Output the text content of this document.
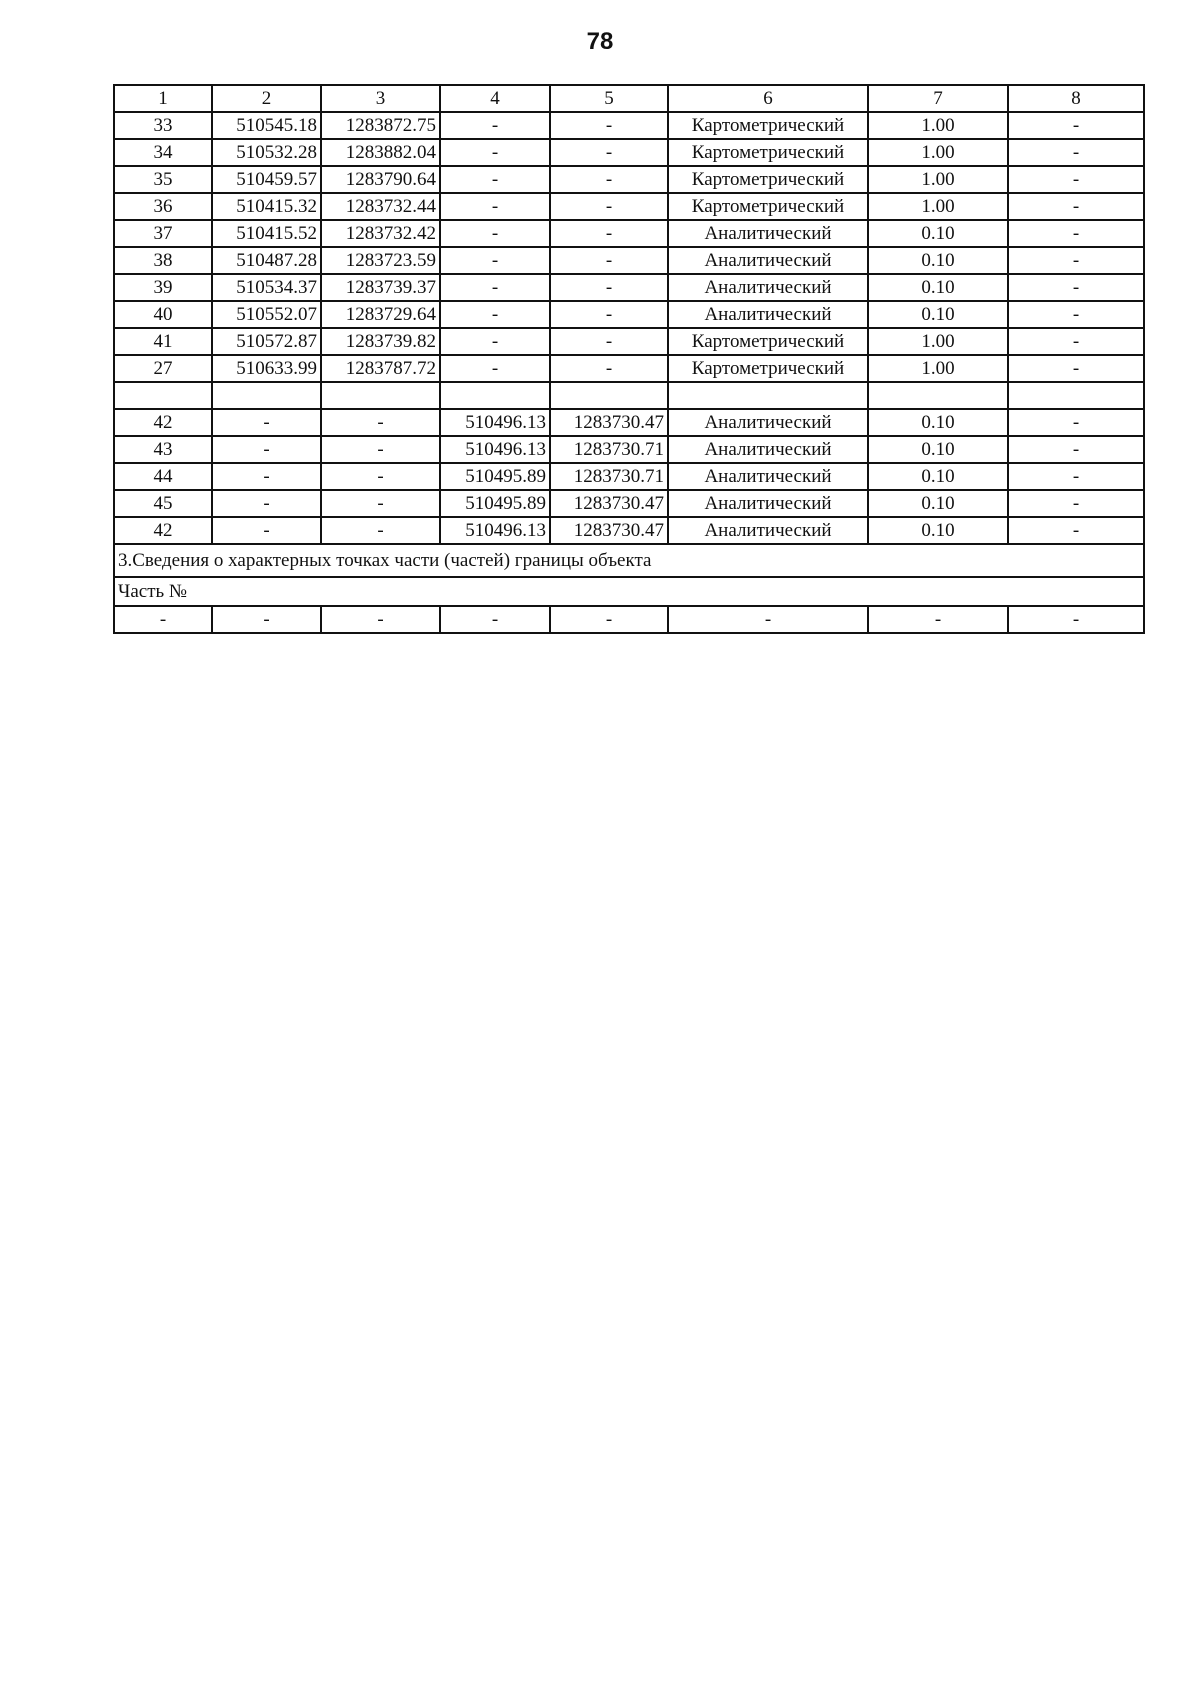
78
1	2	3	4	5	6	7	8
33	510545.18	1283872.75	-	-	Картометрический	1.00	-
34	510532.28	1283882.04	-	-	Картометрический	1.00	-
35	510459.57	1283790.64	-	-	Картометрический	1.00	-
36	510415.32	1283732.44	-	-	Картометрический	1.00	-
37	510415.52	1283732.42	-	-	Аналитический	0.10	-
38	510487.28	1283723.59	-	-	Аналитический	0.10	-
39	510534.37	1283739.37	-	-	Аналитический	0.10	-
40	510552.07	1283729.64	-	-	Аналитический	0.10	-
41	510572.87	1283739.82	-	-	Картометрический	1.00	-
27	510633.99	1283787.72	-	-	Картометрический	1.00	-

42	-	-	510496.13	1283730.47	Аналитический	0.10	-
43	-	-	510496.13	1283730.71	Аналитический	0.10	-
44	-	-	510495.89	1283730.71	Аналитический	0.10	-
45	-	-	510495.89	1283730.47	Аналитический	0.10	-
42	-	-	510496.13	1283730.47	Аналитический	0.10	-
3.Сведения о характерных точках части (частей) границы объекта							
Часть №							
-	-	-	-	-	-	-	-
